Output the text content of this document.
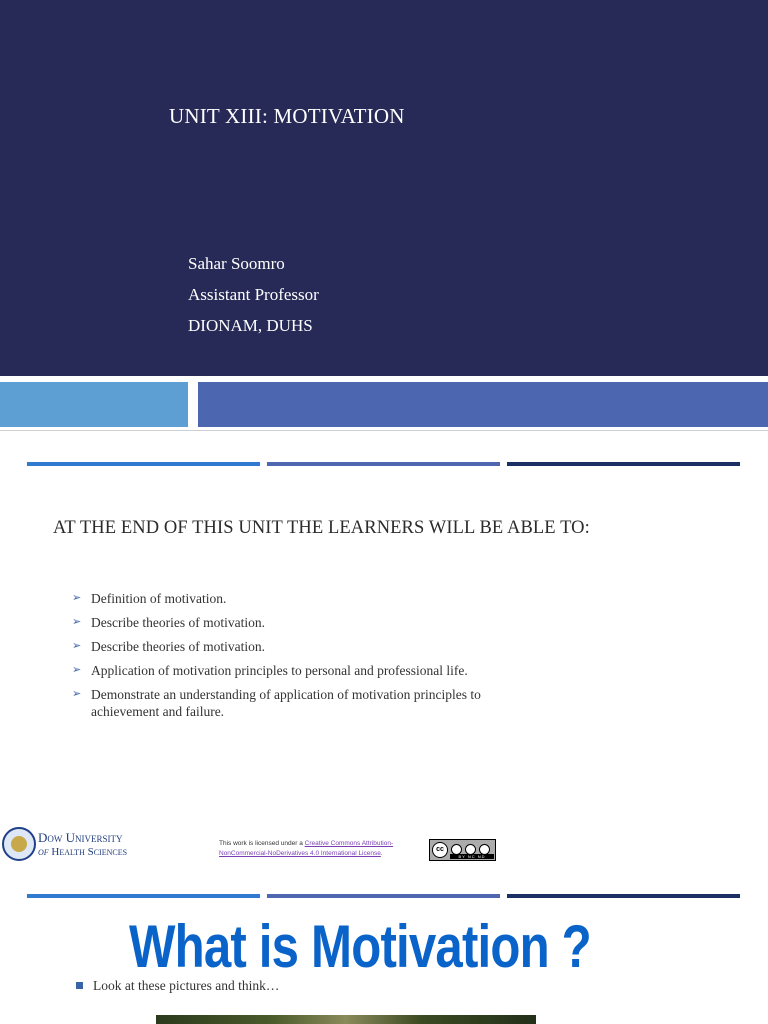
UNIT XIII: MOTIVATION
Sahar Soomro
Assistant Professor
DIONAM, DUHS
AT THE END OF THIS UNIT THE LEARNERS WILL BE ABLE TO:
➢ Definition of motivation.
➢ Describe theories of motivation.
➢ Describe theories of motivation.
➢ Application of motivation principles to personal and professional life.
➢ Demonstrate an understanding of application of motivation principles to achievement and failure.
Dow University
of Health Sciences
This work is licensed under a Creative Commons Attribution-NonCommercial-NoDerivatives 4.0 International License.
cc
BY NC ND
What is Motivation ?
Look at these pictures and think…
